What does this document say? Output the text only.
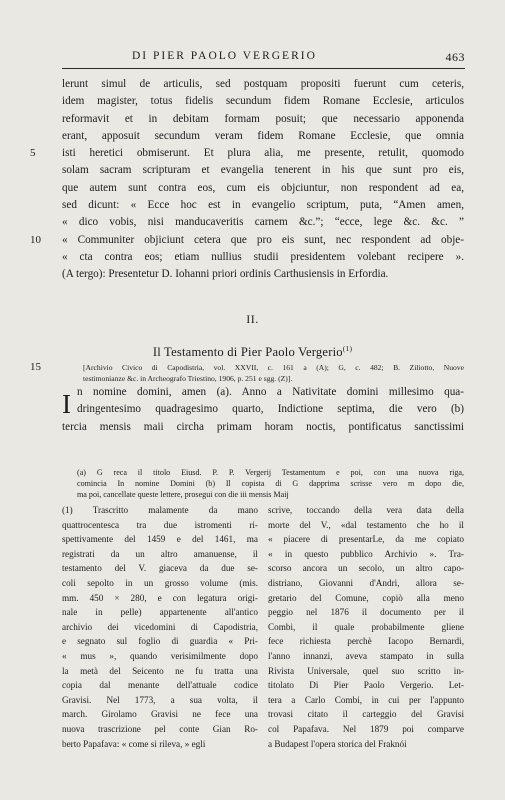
DI PIER PAOLO VERGERIO	463
lerunt simul de articulis, sed postquam propositi fuerunt cum ceteris,
idem magister, totus fidelis secundum fidem Romane Ecclesie, articulos
reformavit et in debitam formam posuit; que necessario apponenda
erant, apposuit secundum veram fidem Romane Ecclesie, que omnia
5 isti heretici obmiserunt. Et plura alia, me presente, retulit, quomodo
solam sacram scripturam et evangelia tenerent in his que sunt pro eis,
que autem sunt contra eos, cum eis objciuntur, non respondent ad ea,
sed dicunt: « Ecce hoc est in evangelio scriptum, puta, “Amen amen,
« dico vobis, nisi manducaveritis carnem &c.”; “ecce, lege &c. &c. ”
10 « Communiter objiciunt cetera que pro eis sunt, nec respondent ad obje-
« cta contra eos; etiam nullius studii presidentem volebant recipere ».
(A tergo): Presentetur D. Iohanni priori ordinis Carthusiensis in Erfordia.
II.
Il Testamento di Pier Paolo Vergerio$^{(1)}$
15	[Archivio Civico di Capodistria, vol. XXVII, c. 161 a (A); G, c. 482; B. Ziliotto, Nuove
testimonianze &c. in Archeografo Triestino, 1906, p. 251 e sgg. (Z)].
I n nomine domini, amen (a). Anno a Nativitate domini millesimo qua-
dringentesimo quadragesimo quarto, Indictione septima, die vero (b)
tercia mensis maii circha primam horam noctis, pontificatus sanctissimi
(a) G reca il titolo Eiusd. P. P. Vergerij Testamentum e poi, con una nuova riga,
comincia In nomine Domini (b) Il copista di G dapprima scrisse vero m dopo die,
ma poi, cancellate queste lettere, prosegui con die iii mensis Maij
(1) Trascritto malamente da mano
quattrocentesca tra due istromenti ri-
spettivamente del 1459 e del 1461, ma
registrati da un altro amanuense, il
testamento del V. giaceva da due se-
coli sepolto in un grosso volume (mis.
mm. 450 × 280, e con legatura origi-
nale in pelle) appartenente all'antico
archivio dei vicedomini di Capodistria,
e segnato sul foglio di guardia « Pri-
« mus », quando verisimilmente dopo
la metà del Seicento ne fu tratta una
copia dal menante dell'attuale codice
Gravisi. Nel 1773, a sua volta, il
march. Girolamo Gravisi ne fece una
nuova trascrizione pel conte Gian Ro-
berto Papafava: « come si rileva, » egli
scrive, toccando della vera data della
morte del V., «dal testamento che ho il
« piacere di presentarLe, da me copiato
« in questo pubblico Archivio ». Tra-
scorso ancora un secolo, un altro capo-
distriano, Giovanni d'Andri, allora se-
gretario del Comune, copiò alla meno
peggio nel 1876 il documento per il
Combi, il quale probabilmente gliene
fece richiesta perchè Iacopo Bernardi,
l'anno innanzi, aveva stampato in sulla
Rivista Universale, quel suo scritto in-
titolato Di Pier Paolo Vergerio. Let-
tera a Carlo Combi, in cui per l'appunto
trovasi citato il carteggio del Gravisi
col Papafava. Nel 1879 poi comparve
a Budapest l'opera storica del Fraknói
